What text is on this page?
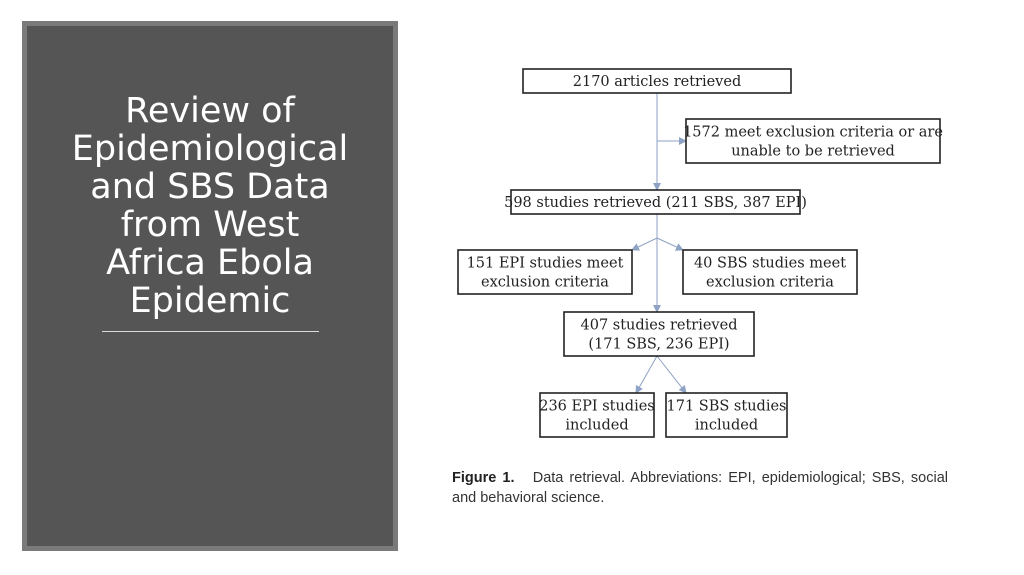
Review of
Epidemiological
and SBS Data
from West
Africa Ebola
Epidemic
2170 articles retrieved
1572 meet exclusion criteria or are
unable to be retrieved
598 studies retrieved (211 SBS, 387 EPI)
151 EPI studies meet
exclusion criteria
40 SBS studies meet
exclusion criteria
407 studies retrieved
(171 SBS, 236 EPI)
236 EPI studies
included
171 SBS studies
included
Figure 1. Data retrieval. Abbreviations: EPI, epidemiological; SBS, social and behavioral science.
